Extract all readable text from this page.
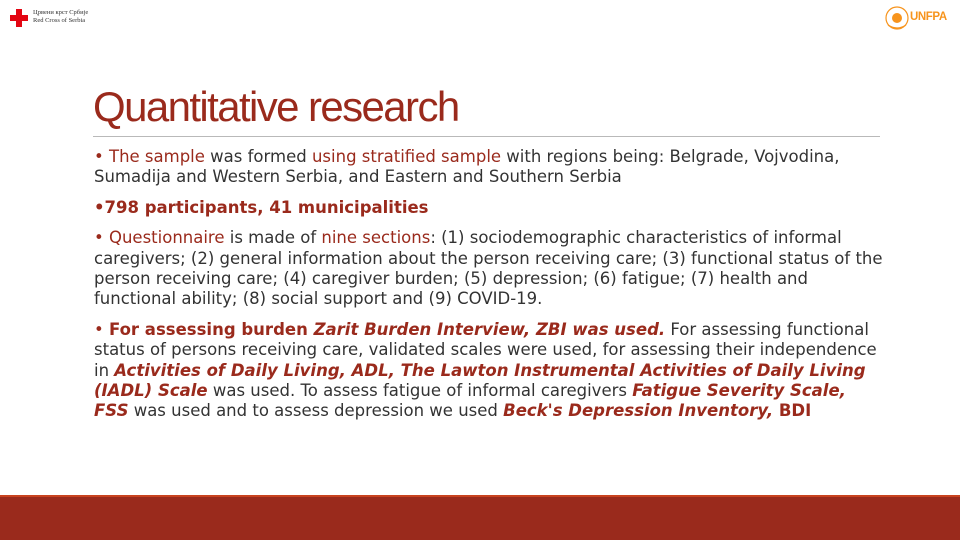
Црвени крст Србије
Red Cross of Serbia	UNFPA
Quantitative research

• The sample was formed using stratified sample with regions being: Belgrade, Vojvodina, Sumadija and Western Serbia, and Eastern and Southern Serbia

•798 participants, 41 municipalities

• Questionnaire is made of nine sections: (1) sociodemographic characteristics of informal caregivers; (2) general information about the person receiving care; (3) functional status of the person receiving care; (4) caregiver burden; (5) depression; (6) fatigue; (7) health and functional ability; (8) social support and (9) COVID-19.

• For assessing burden Zarit Burden Interview, ZBI was used. For assessing functional status of persons receiving care, validated scales were used, for assessing their independence in Activities of Daily Living, ADL, The Lawton Instrumental Activities of Daily Living (IADL) Scale was used. To assess fatigue of informal caregivers Fatigue Severity Scale, FSS was used and to assess depression we used Beck's Depression Inventory, BDI
